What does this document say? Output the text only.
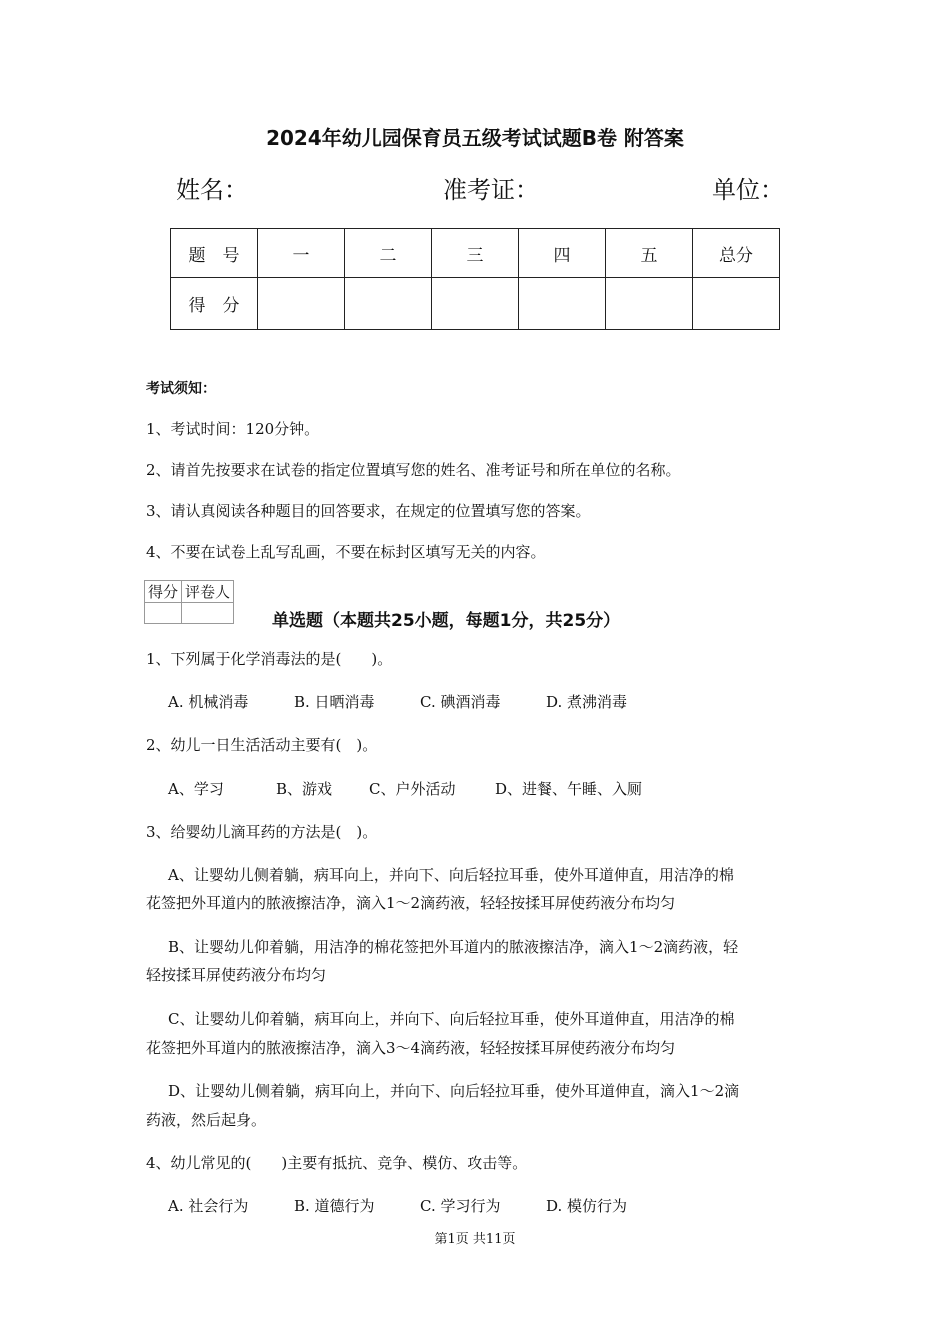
2024年幼儿园保育员五级考试试题B卷 附答案
姓名：	准考证：	单位：
题　号	一	二	三	四	五	总分
得　分						
考试须知：
1、考试时间：120分钟。
2、请首先按要求在试卷的指定位置填写您的姓名、准考证号和所在单位的名称。
3、请认真阅读各种题目的回答要求，在规定的位置填写您的答案。
4、不要在试卷上乱写乱画，不要在标封区填写无关的内容。
得分	评卷人

单选题（本题共25小题，每题1分，共25分）
1、下列属于化学消毒法的是(　　)。
A. 机械消毒	B. 日晒消毒	C. 碘酒消毒	D. 煮沸消毒
2、幼儿一日生活活动主要有(　)。
A、学习	B、游戏 C、户外活动	D、进餐、午睡、入厕
3、给婴幼儿滴耳药的方法是(　)。
A、让婴幼儿侧着躺，病耳向上，并向下、向后轻拉耳垂，使外耳道伸直，用洁净的棉
花签把外耳道内的脓液擦洁净，滴入1～2滴药液，轻轻按揉耳屏使药液分布均匀
B、让婴幼儿仰着躺，用洁净的棉花签把外耳道内的脓液擦洁净，滴入1～2滴药液，轻
轻按揉耳屏使药液分布均匀
C、让婴幼儿仰着躺，病耳向上，并向下、向后轻拉耳垂，使外耳道伸直，用洁净的棉
花签把外耳道内的脓液擦洁净，滴入3～4滴药液，轻轻按揉耳屏使药液分布均匀
D、让婴幼儿侧着躺，病耳向上，并向下、向后轻拉耳垂，使外耳道伸直，滴入1～2滴
药液，然后起身。
4、幼儿常见的(　　)主要有抵抗、竞争、模仿、攻击等。
A. 社会行为	B. 道德行为	C. 学习行为	D. 模仿行为
第1页 共11页
